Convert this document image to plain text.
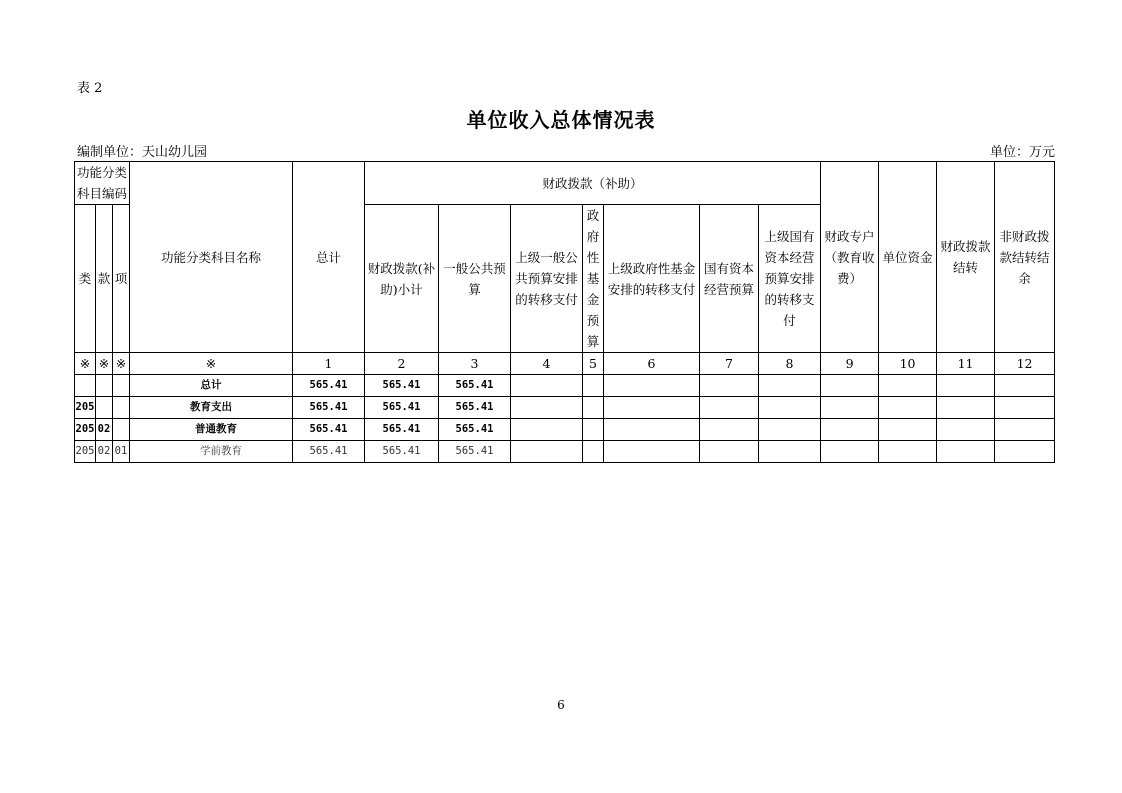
表 2
单位收入总体情况表
编制单位：天山幼儿园	单位：万元
功能分类科目编码			功能分类科目名称	总计	财政拨款（补助）							财政专户（教育收费）	单位资金	财政拨款结转	非财政拨款结转结余
类	款	项			财政拨款(补助)小计	一般公共预算	上级一般公共预算安排的转移支付	政府性基金预算	上级政府性基金安排的转移支付	国有资本经营预算	上级国有资本经营预算安排的转移支付				
※	※	※	※	1	2	3	4	5	6	7	8	9	10	11	12
			总计	565.41	565.41	565.41									
205			教育支出	565.41	565.41	565.41									
205	02		普通教育	565.41	565.41	565.41									
205	02	01	学前教育	565.41	565.41	565.41									
6
